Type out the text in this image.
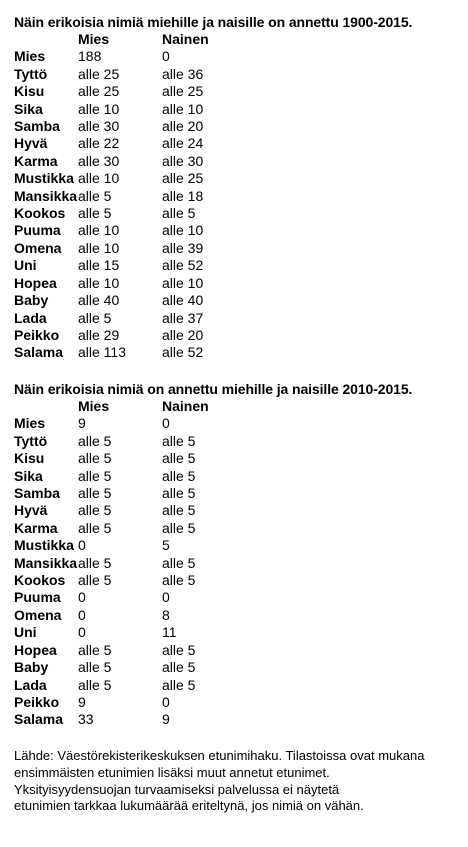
Näin erikoisia nimiä miehille ja naisille on annettu 1900-2015.
	Mies	Nainen
Mies	188	0
Tyttö	alle 25	alle 36
Kisu	alle 25	alle 25
Sika	alle 10	alle 10
Samba	alle 30	alle 20
Hyvä	alle 22	alle 24
Karma	alle 30	alle 30
Mustikka	alle 10	alle 25
Mansikka	alle 5	alle 18
Kookos	alle 5	alle 5
Puuma	alle 10	alle 10
Omena	alle 10	alle 39
Uni	alle 15	alle 52
Hopea	alle 10	alle 10
Baby	alle 40	alle 40
Lada	alle 5	alle 37
Peikko	alle 29	alle 20
Salama	alle 113	alle 52
Näin erikoisia nimiä on annettu miehille ja naisille 2010-2015.
	Mies	Nainen
Mies	9	0
Tyttö	alle 5	alle 5
Kisu	alle 5	alle 5
Sika	alle 5	alle 5
Samba	alle 5	alle 5
Hyvä	alle 5	alle 5
Karma	alle 5	alle 5
Mustikka	0	5
Mansikka	alle 5	alle 5
Kookos	alle 5	alle 5
Puuma	0	0
Omena	0	8
Uni	0	11
Hopea	alle 5	alle 5
Baby	alle 5	alle 5
Lada	alle 5	alle 5
Peikko	9	0
Salama	33	9
Lähde: Väestörekisterikeskuksen etunimihaku. Tilastoissa ovat mukana
ensimmäisten etunimien lisäksi muut annetut etunimet.
Yksityisyydensuojan turvaamiseksi palvelussa ei näytetä
etunimien tarkkaa lukumäärää eriteltynä, jos nimiä on vähän.
